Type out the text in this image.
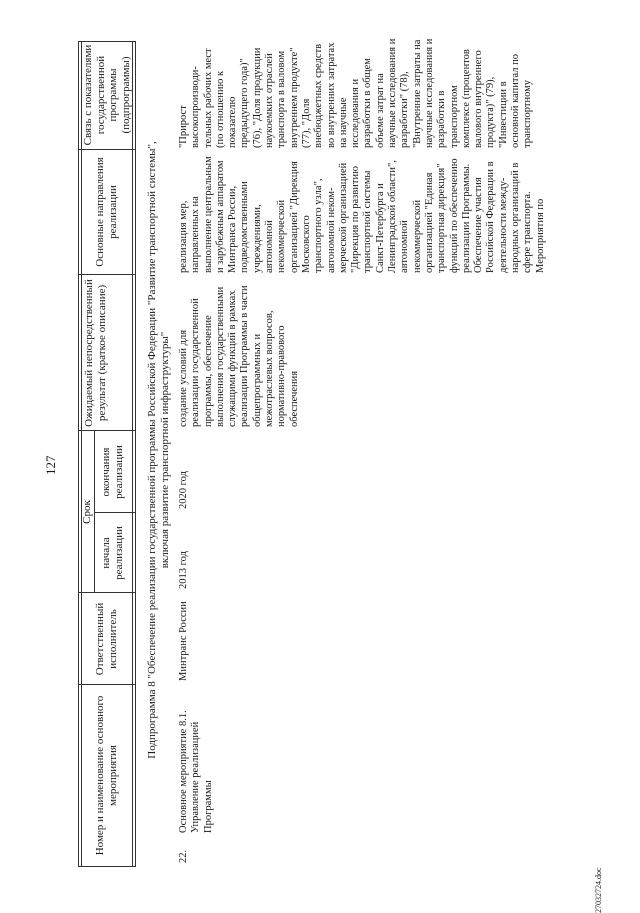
127
Номер и наименование основного мероприятия
Ответственный исполнитель
Срок
начала реализации
окончания реализации
Ожидаемый непосредственный результат (краткое описание)
Основные направления реализации
Связь с показателями государственной программы (подпрограммы)
Подпрограмма 8 "Обеспечение реализации государственной программы Российской Федерации "Развитие транспортной системы", включая развитие транспортной инфраструктуры"
22.
Основное мероприятие 8.1. Управление реализацией Программы
Минтранс России
2013 год
2020 год
создание условий для реализации государственной программы, обеспечение выполнения государственными служащими функций в рамках реализации Программы в части общепрограммных и межотраслевых вопросов, нормативно-правового обеспечения
реализация мер, направленных на выполнение центральным и зарубежным аппаратом Минтранса России, подведомственными учреждениями, автономной некоммерческой организацией "Дирекция Московского транспортного узла", автономной неком-мерческой организацией "Дирекция по развитию транспортной системы Санкт-Петербурга и Ленинградской области", автономной некоммерческой организацией "Единая транспортная дирекция" функций по обеспечению реализации Программы. Обеспечение участия Российской Федерации в деятельности между-народных организаций в сфере транспорта. Мероприятия по
"Прирост высокопроизводи-тельных рабочих мест (по отношению к показателю предыдущего года)" (76), "Доля продукции наукоемких отраслей транспорта в валовом внутреннем продукте" (77), "Доля внебюджетных средств во внутренних затратах на научные исследования и разработки в общем объеме затрат на научные исследования и разработки" (78), "Внутренние затраты на научные исследования и разработки в транспортном комплексе (процентов валового внутреннего продукта)" (79), "Инвестиции в основной капитал по транспортному
27032724.doc
